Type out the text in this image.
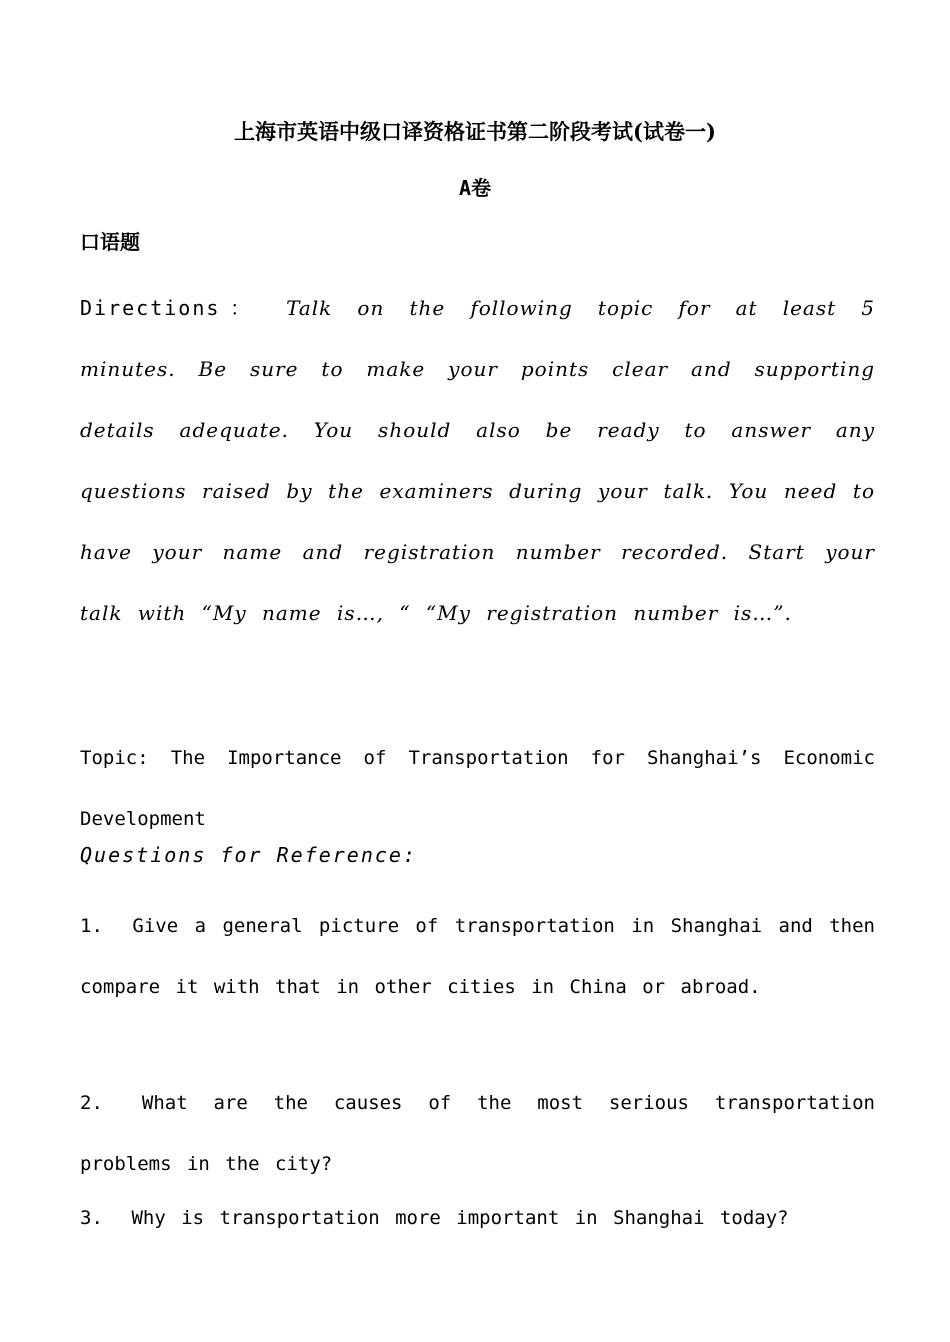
上海市英语中级口译资格证书第二阶段考试(试卷一)
A卷
口语题
Directions： Talk on the following topic for at least 5 minutes. Be sure to make your points clear and supporting details adequate. You should also be ready to answer any questions raised by the examiners during your talk. You need to have your name and registration number recorded. Start your talk with “My name is…, “ “My registration number is…”.
Topic: The Importance of Transportation for Shanghai’s Economic Development
Questions for Reference:
1. Give a general picture of transportation in Shanghai and then compare it with that in other cities in China or abroad.
2. What are the causes of the most serious transportation problems in the city?
3. Why is transportation more important in Shanghai today?
